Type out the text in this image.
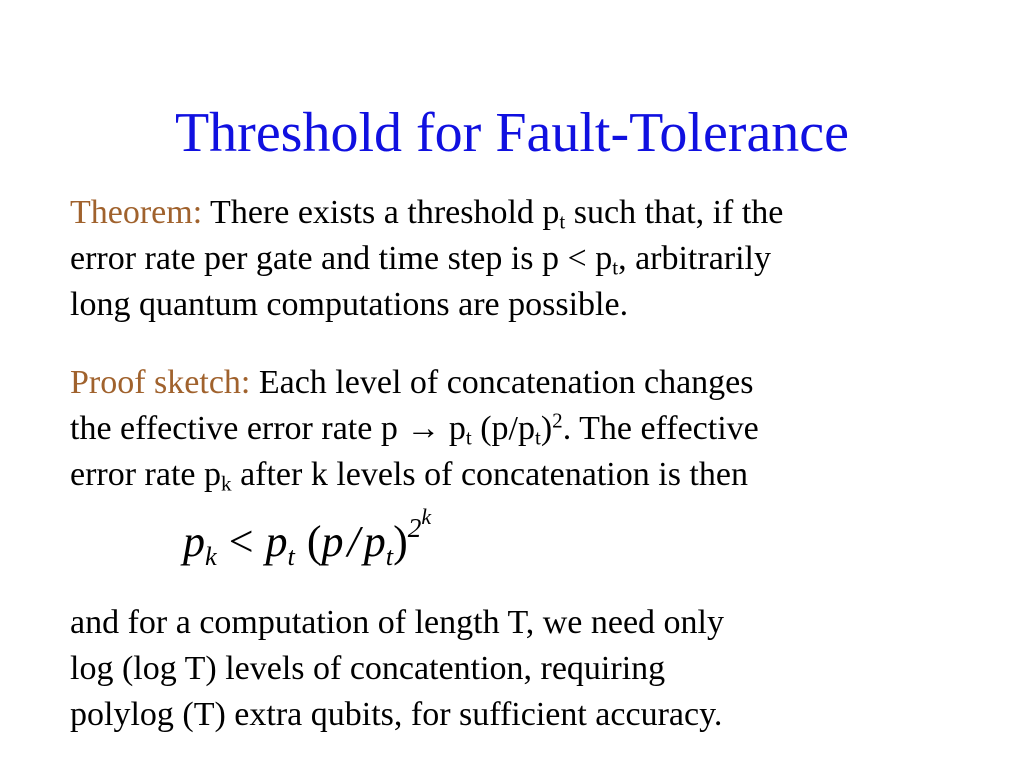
Threshold for Fault-Tolerance
Theorem: There exists a threshold $p_t$ such that, if the
error rate per gate and time step is $p < p_t$, arbitrarily
long quantum computations are possible.
Proof sketch: Each level of concatenation changes
the effective error rate $p \to p_t$ $(p/p_t)^2$. The effective
error rate $p_k$ after k levels of concatenation is then
$p_k < p_t$ $(p/p_t)^{2k}$
and for a computation of length T, we need only
log (log T) levels of concatention, requiring
polylog (T) extra qubits, for sufficient accuracy.
